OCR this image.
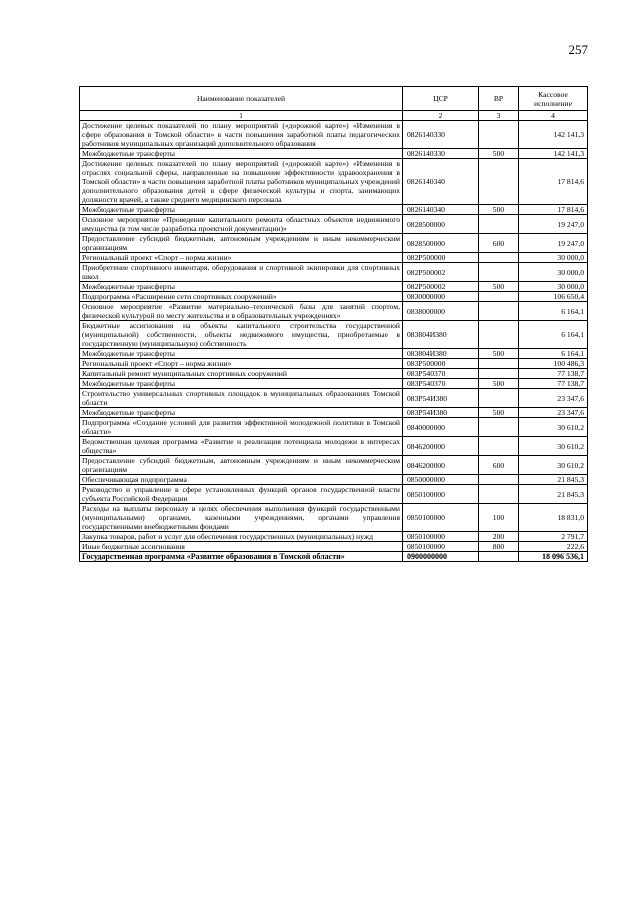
257
Наименование показателей	ЦСР	ВР	Кассовое исполнение
1	2	3	4
Достижение целевых показателей по плану мероприятий («дорожной карте») «Изменения в сфере образования в Томской области» в части повышения заработной платы педагогических работников муниципальных организаций дополнительного образования	0826140330		142 141,3
Межбюджетные трансферты	0826140330	500	142 141,3
Достижение целевых показателей по плану мероприятий («дорожной карте») «Изменения в отраслях социальной сферы, направленные на повышение эффективности здравоохранения в Томской области» в части повышения заработной платы работников муниципальных учреждений дополнительного образования детей в сфере физической культуры и спорта, занимающих должности врачей, а также среднего медицинского персонала	0826140340		17 814,6
Межбюджетные трансферты	0826140340	500	17 814,6
Основное мероприятие «Проведение капитального ремонта областных объектов недвижимого имущества (в том числе разработка проектной документации)»	0828500000		19 247,0
Предоставление субсидий бюджетным, автономным учреждениям и иным некоммерческим организациям	0828500000	600	19 247,0
Региональный проект «Спорт – норма жизни»	082P500000		30 000,0
Приобретение спортивного инвентаря, оборудования и спортивной экипировки для спортивных школ	082P500002		30 000,0
Межбюджетные трансферты	082P500002	500	30 000,0
Подпрограмма «Расширение сети спортивных сооружений»	0830000000		106 650,4
Основное мероприятие «Развитие материально–технической базы для занятий спортом, физической культурой по месту жительства и в образовательных учреждениях»	0838000000		6 164,1
Бюджетные ассигнования на объекты капитального строительства государственной (муниципальной) собственности, объекты недвижимого имущества, приобретаемые в государственную (муниципальную) собственность	083804И380		6 164,1
Межбюджетные трансферты	083804И380	500	6 164,1
Региональный проект «Спорт – норма жизни»	083P500000		100 486,3
Капитальный ремонт муниципальных спортивных сооружений	083P540370		77 138,7
Межбюджетные трансферты	083P540370	500	77 138,7
Строительство универсальных спортивных площадок в муниципальных образованиях Томской области	083P54И380		23 347,6
Межбюджетные трансферты	083P54И380	500	23 347,6
Подпрограмма «Создание условий для развития эффективной молодежной политики в Томской области»	0840000000		30 610,2
Ведомственная целевая программа «Развитие и реализация потенциала молодежи в интересах общества»	0846200000		30 610,2
Предоставление субсидий бюджетным, автономным учреждениям и иным некоммерческим организациям	0846200000	600	30 610,2
Обеспечивающая подпрограмма	0850000000		21 845,3
Руководство и управление в сфере установленных функций органов государственной власти субъекта Российской Федерации	0850100000		21 845,3
Расходы на выплаты персоналу в целях обеспечения выполнения функций государственными (муниципальными) органами, казенными учреждениями, органами управления государственными внебюджетными фондами	0850100000	100	18 831,0
Закупка товаров, работ и услуг для обеспечения государственных (муниципальных) нужд	0850100000	200	2 791,7
Иные бюджетные ассигнования	0850100000	800	222,6
Государственная программа «Развитие образования в Томской области»	0900000000		18 096 536,1
